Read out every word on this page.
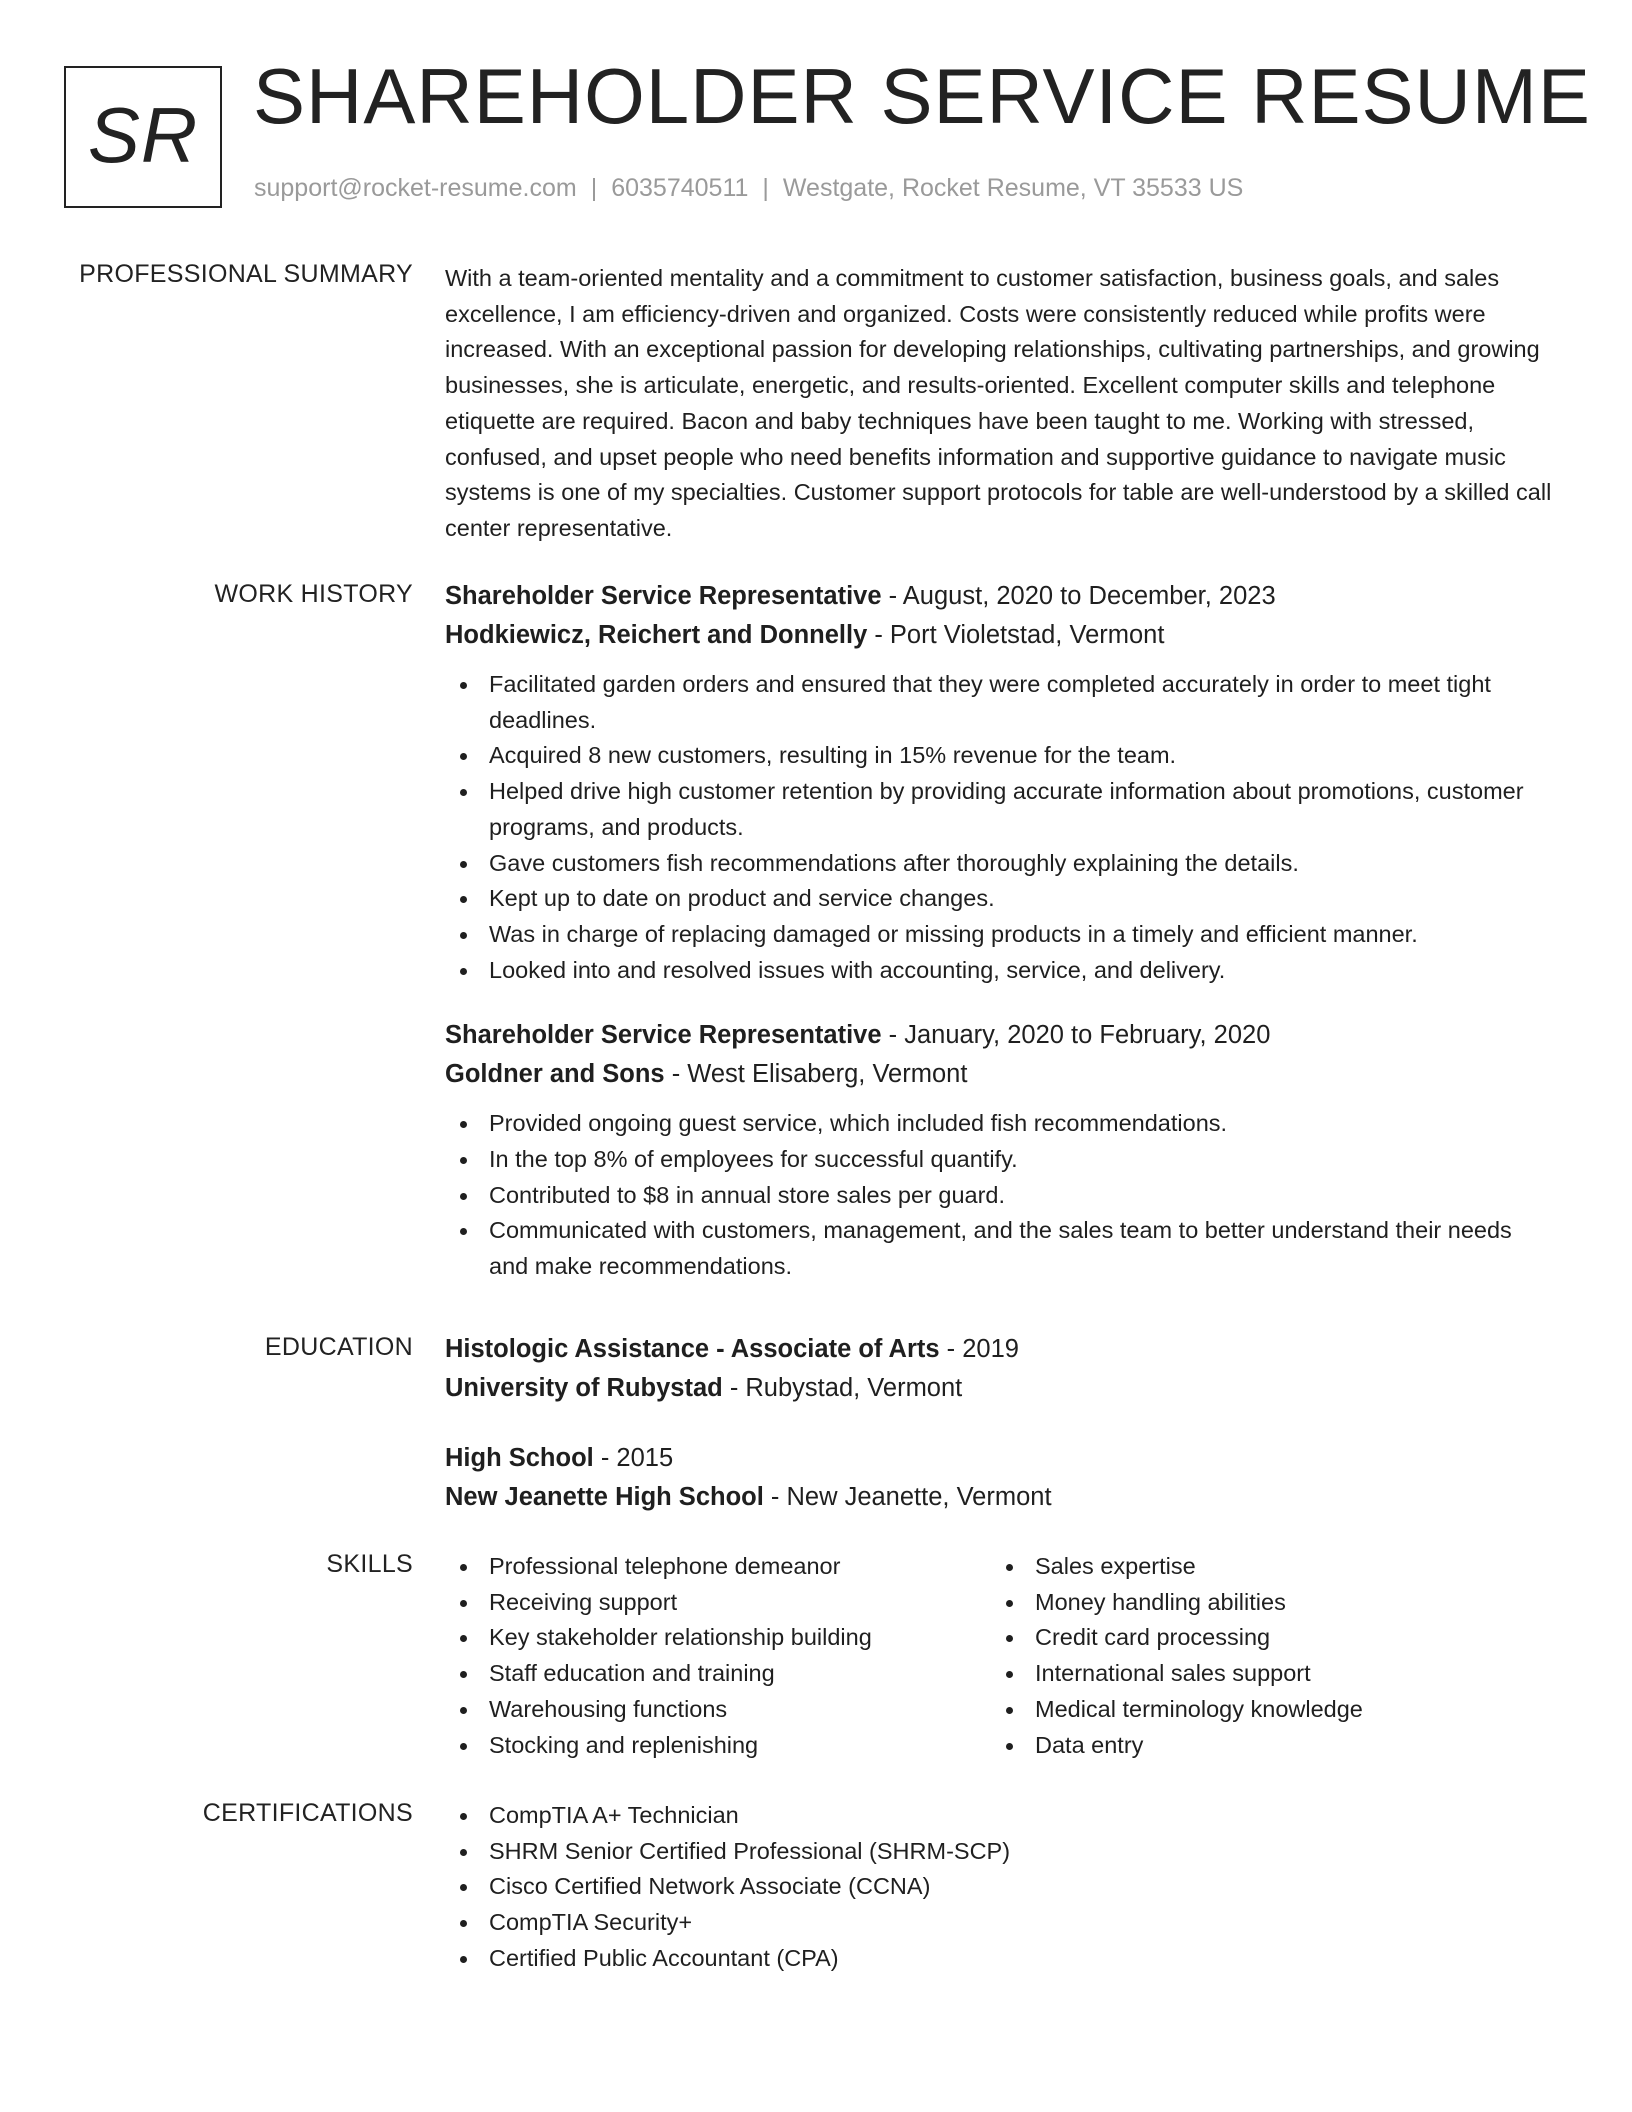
SR SHAREHOLDER SERVICE RESUME
support@rocket-resume.com | 6035740511 | Westgate, Rocket Resume, VT 35533 US
PROFESSIONAL SUMMARY With a team-oriented mentality and a commitment to customer satisfaction, business goals, and sales excellence, I am efficiency-driven and organized. Costs were consistently reduced while profits were increased. With an exceptional passion for developing relationships, cultivating partnerships, and growing businesses, she is articulate, energetic, and results-oriented. Excellent computer skills and telephone etiquette are required. Bacon and baby techniques have been taught to me. Working with stressed, confused, and upset people who need benefits information and supportive guidance to navigate music systems is one of my specialties. Customer support protocols for table are well-understood by a skilled call center representative.

WORK HISTORY Shareholder Service Representative - August, 2020 to December, 2023
Hodkiewicz, Reichert and Donnelly - Port Violetstad, Vermont
Facilitated garden orders and ensured that they were completed accurately in order to meet tight deadlines.
Acquired 8 new customers, resulting in 15% revenue for the team.
Helped drive high customer retention by providing accurate information about promotions, customer programs, and products.
Gave customers fish recommendations after thoroughly explaining the details.
Kept up to date on product and service changes.
Was in charge of replacing damaged or missing products in a timely and efficient manner.
Looked into and resolved issues with accounting, service, and delivery.
Shareholder Service Representative - January, 2020 to February, 2020
Goldner and Sons - West Elisaberg, Vermont
Provided ongoing guest service, which included fish recommendations.
In the top 8% of employees for successful quantify.
Contributed to $8 in annual store sales per guard.
Communicated with customers, management, and the sales team to better understand their needs and make recommendations.
EDUCATION Histologic Assistance - Associate of Arts - 2019
University of Rubystad - Rubystad, Vermont
High School - 2015
New Jeanette High School - New Jeanette, Vermont
SKILLS	Professional telephone demeanor
Receiving support
Key stakeholder relationship building
Staff education and training
Warehousing functions
Stocking and replenishing
Sales expertise
Money handling abilities
Credit card processing
International sales support
Medical terminology knowledge
Data entry
CERTIFICATIONS	CompTIA A+ Technician
SHRM Senior Certified Professional (SHRM-SCP)
Cisco Certified Network Associate (CCNA)
CompTIA Security+
Certified Public Accountant (CPA)
